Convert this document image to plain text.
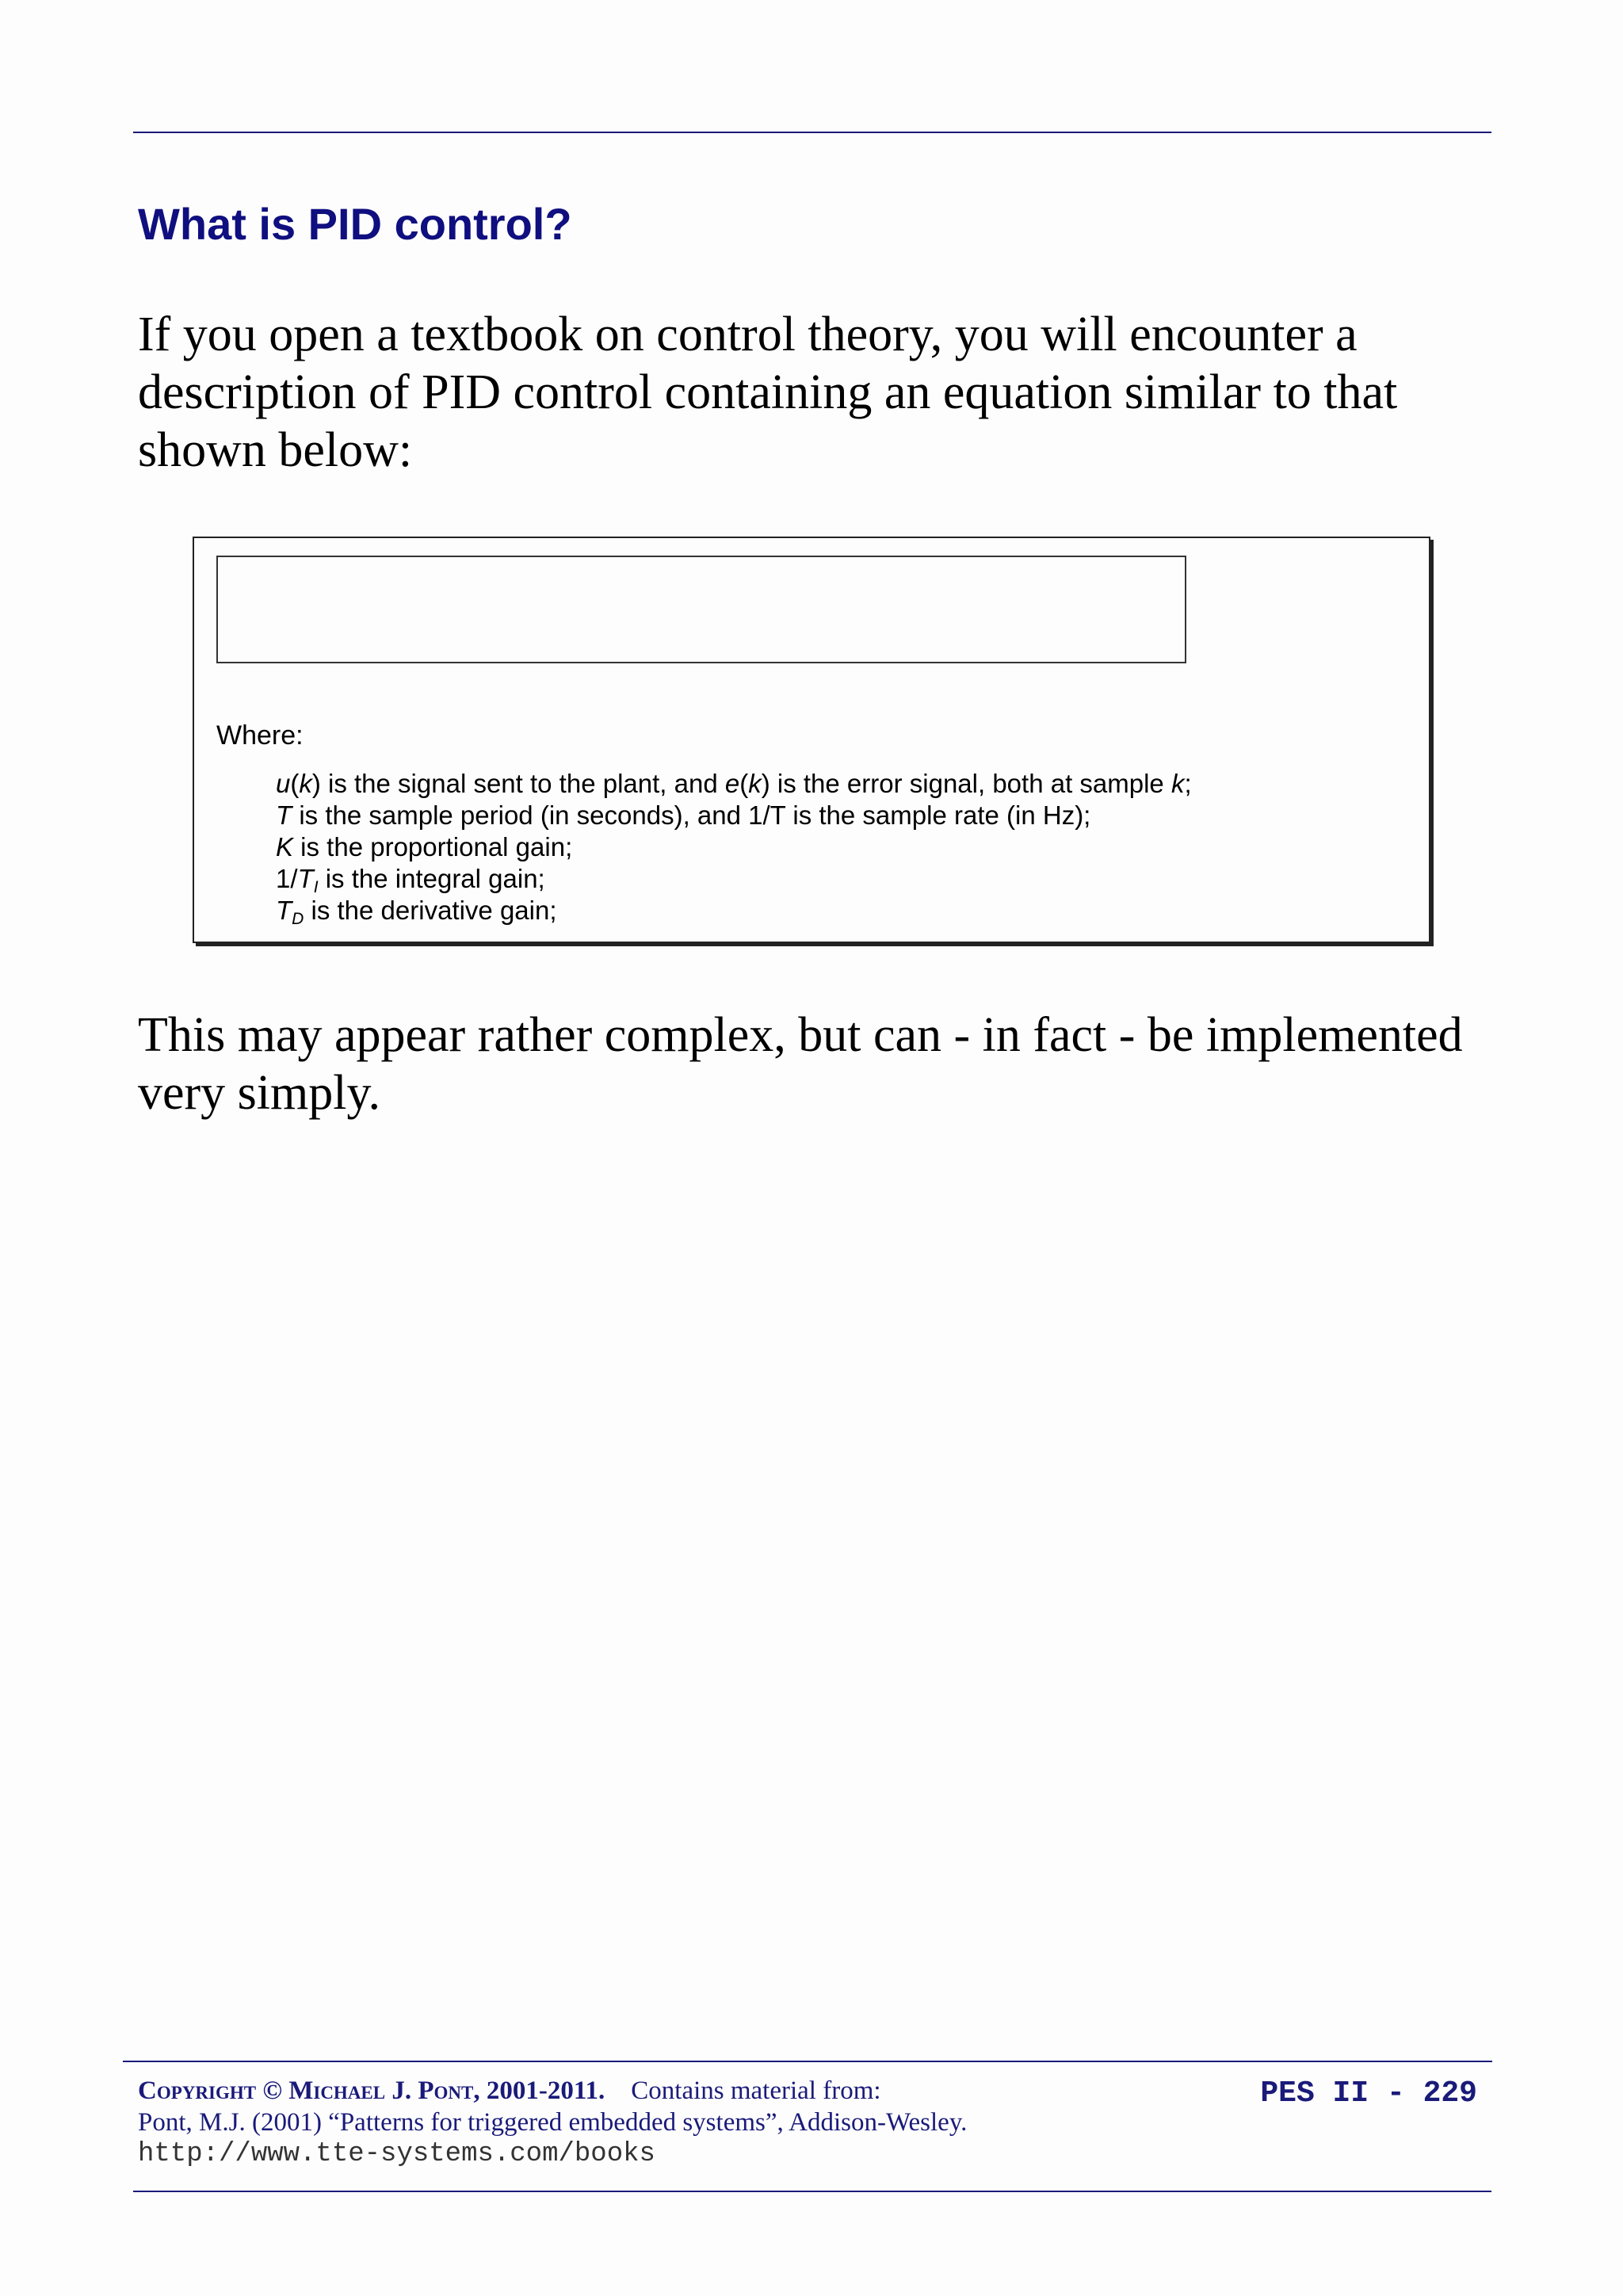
What is PID control?

If you open a textbook on control theory, you will encounter a description of PID control containing an equation similar to that shown below:

Where:

u(k) is the signal sent to the plant, and e(k) is the error signal, both at sample k;
T is the sample period (in seconds), and 1/T is the sample rate (in Hz);
K is the proportional gain;
$1/T_I$ is the integral gain;
$T_D$ is the derivative gain;

This may appear rather complex, but can - in fact - be implemented very simply.

Copyright © Michael J. Pont, 2001-2011. Contains material from:
Pont, M.J. (2001) “Patterns for triggered embedded systems”, Addison-Wesley.
http://www.tte-systems.com/books
PES II - 229
